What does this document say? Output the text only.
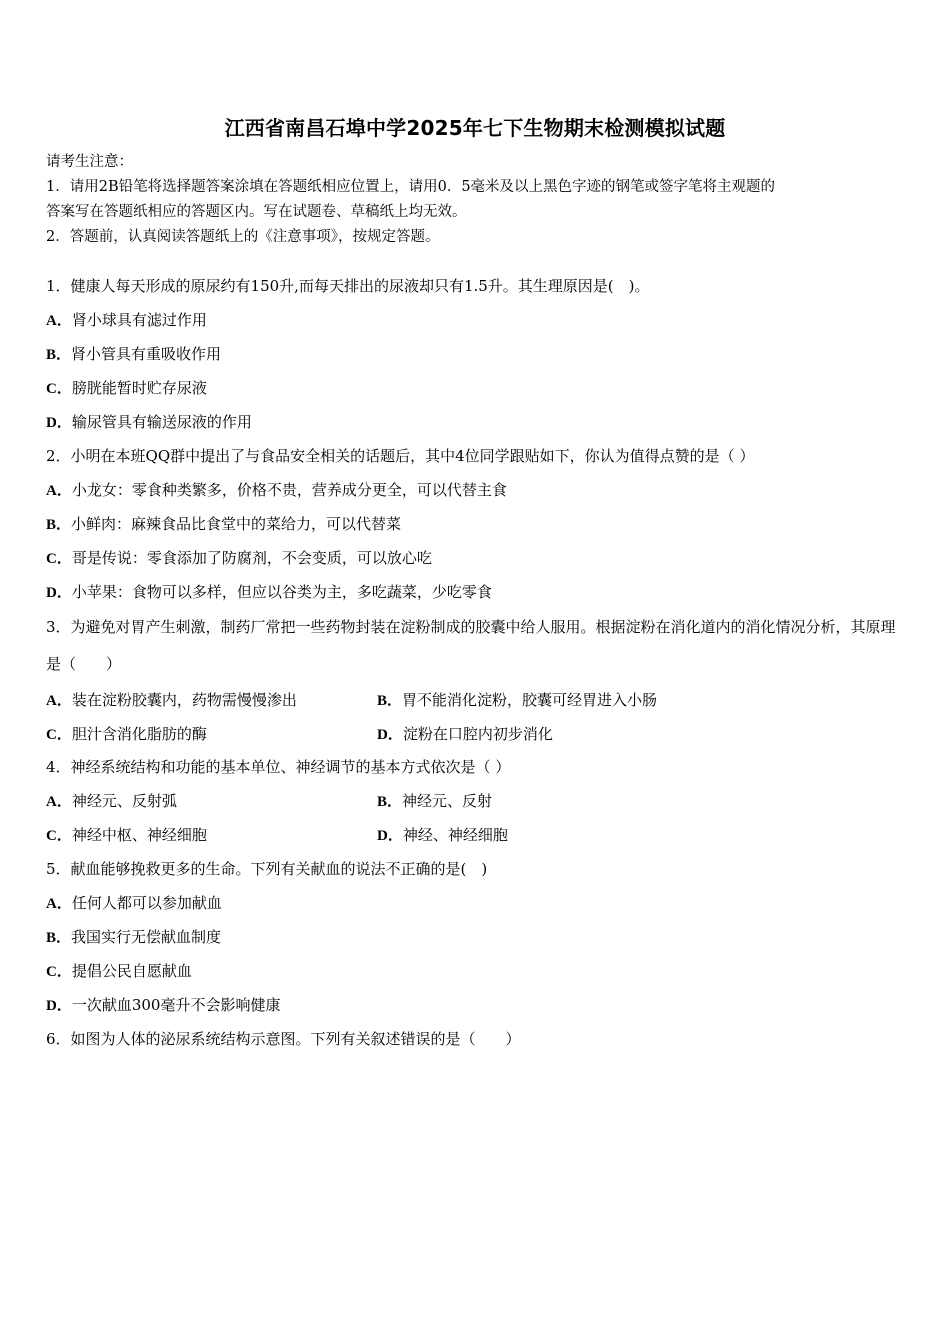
江西省南昌石埠中学2025年七下生物期末检测模拟试题
请考生注意：
1．请用2B铅笔将选择题答案涂填在答题纸相应位置上，请用0．5毫米及以上黑色字迹的钢笔或签字笔将主观题的
答案写在答题纸相应的答题区内。写在试题卷、草稿纸上均无效。
2．答题前，认真阅读答题纸上的《注意事项》，按规定答题。
1．健康人每天形成的原尿约有150升,而每天排出的尿液却只有1.5升。其生理原因是(　)。
A．肾小球具有滤过作用
B．肾小管具有重吸收作用
C．膀胱能暂时贮存尿液
D．输尿管具有输送尿液的作用
2．小明在本班QQ群中提出了与食品安全相关的话题后，其中4位同学跟贴如下，你认为值得点赞的是（ ）
A．小龙女：零食种类繁多，价格不贵，营养成分更全，可以代替主食
B．小鲜肉：麻辣食品比食堂中的菜给力，可以代替菜
C．哥是传说：零食添加了防腐剂，不会变质，可以放心吃
D．小苹果：食物可以多样，但应以谷类为主，多吃蔬菜，少吃零食
3．为避免对胃产生刺激，制药厂常把一些药物封装在淀粉制成的胶囊中给人服用。根据淀粉在消化道内的消化情况分析，其原理是（　　）
A．装在淀粉胶囊内，药物需慢慢渗出	B．胃不能消化淀粉，胶囊可经胃进入小肠
C．胆汁含消化脂肪的酶	D．淀粉在口腔内初步消化
4．神经系统结构和功能的基本单位、神经调节的基本方式依次是（ ）
A．神经元、反射弧	B．神经元、反射
C．神经中枢、神经细胞	D．神经、神经细胞
5．献血能够挽救更多的生命。下列有关献血的说法不正确的是(　)
A．任何人都可以参加献血
B．我国实行无偿献血制度
C．提倡公民自愿献血
D．一次献血300毫升不会影响健康
6．如图为人体的泌尿系统结构示意图。下列有关叙述错误的是（　　）
